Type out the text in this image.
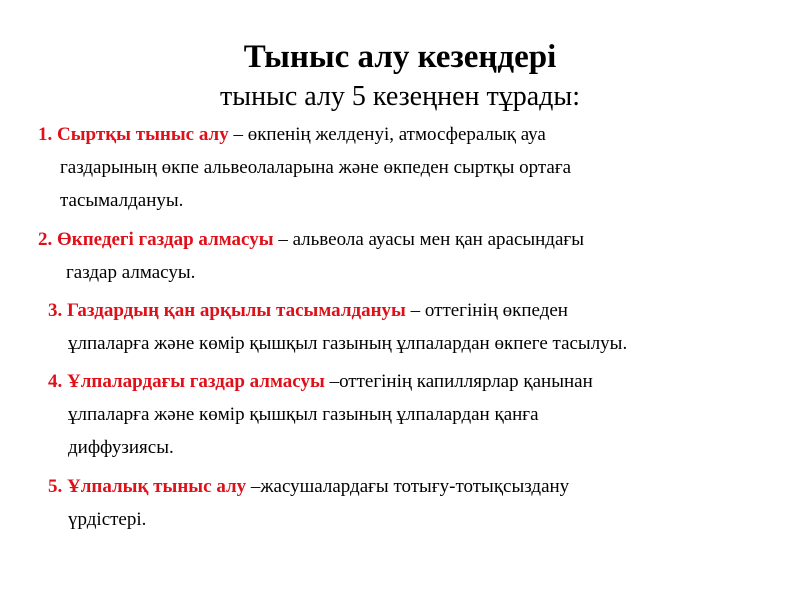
Тыныс алу кезеңдері
тыныс алу 5 кезеңнен тұрады:
1. Сыртқы тыныс алу – өкпенің желденуі, атмосфералық ауа
газдарының өкпе альвеолаларына және өкпеден сыртқы ортаға
тасымалдануы.
2. Өкпедегі газдар алмасуы – альвеола ауасы мен қан арасындағы
газдар алмасуы.
3. Газдардың қан арқылы тасымалдануы – оттегінің өкпеден
ұлпаларға және көмір қышқыл газының ұлпалардан өкпеге тасылуы.
4. Ұлпалардағы газдар алмасуы –оттегінің капиллярлар қанынан
ұлпаларға және көмір қышқыл газының ұлпалардан қанға
диффузиясы.
5. Ұлпалық тыныс алу –жасушалардағы тотығу-тотықсыздану
үрдістері.
